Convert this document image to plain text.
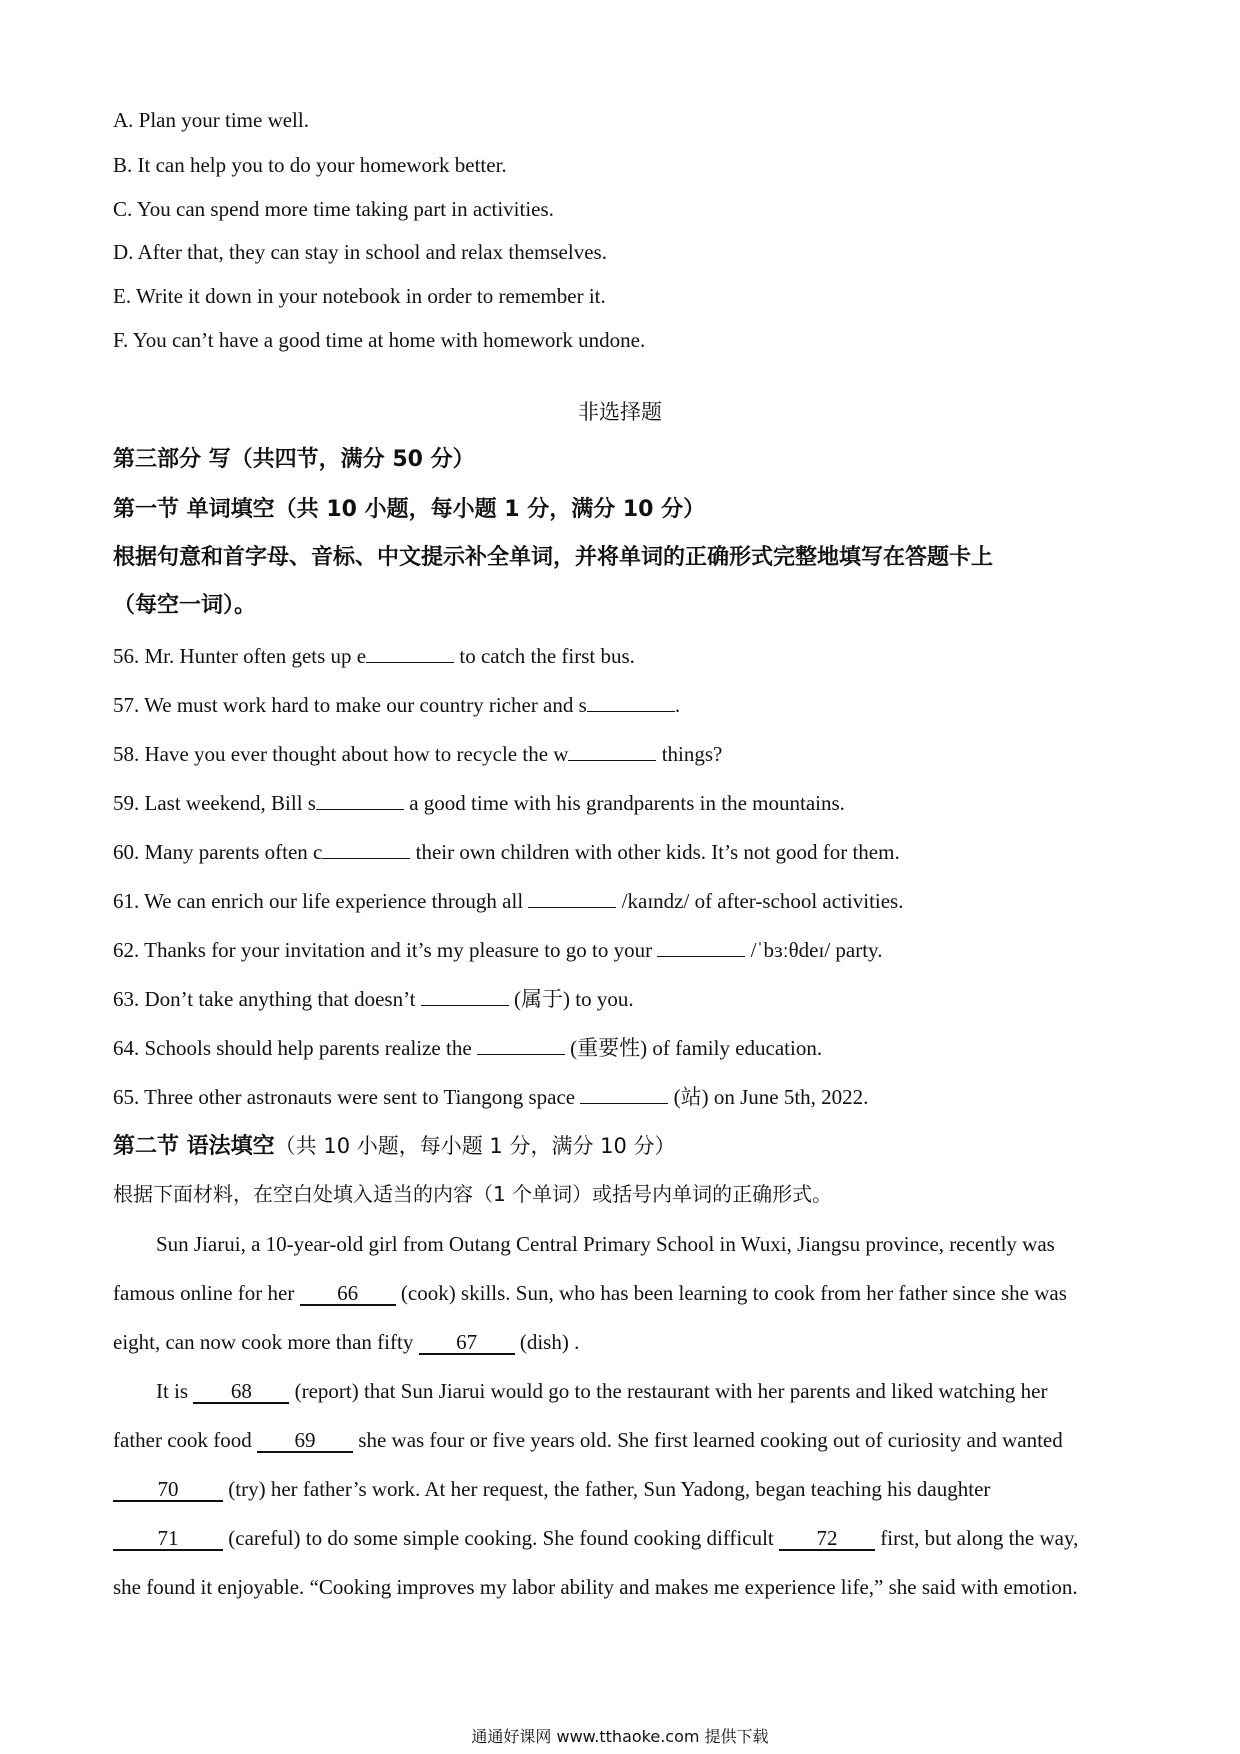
A. Plan your time well.
B. It can help you to do your homework better.
C. You can spend more time taking part in activities.
D. After that, they can stay in school and relax themselves.
E. Write it down in your notebook in order to remember it.
F. You can’t have a good time at home with homework undone.
非选择题
第三部分 写（共四节，满分 50 分）
第一节 单词填空（共 10 小题，每小题 1 分，满分 10 分）
根据句意和首字母、音标、中文提示补全单词，并将单词的正确形式完整地填写在答题卡上
（每空一词）。
56. Mr. Hunter often gets up e	to catch the first bus.
57. We must work hard to make our country richer and s	.
58. Have you ever thought about how to recycle the w	things?
59. Last weekend, Bill s	a good time with his grandparents in the mountains.
60. Many parents often c	their own children with other kids. It’s not good for them.
61. We can enrich our life experience through all	/kaɪndz/ of after-school activities.
62. Thanks for your invitation and it’s my pleasure to go to your	/ˈbɜːθdeɪ/ party.
63. Don’t take anything that doesn’t	(属于) to you.
64. Schools should help parents realize the	(重要性) of family education.
65. Three other astronauts were sent to Tiangong space	(站) on June 5th, 2022.
第二节 语法填空（共 10 小题，每小题 1 分，满分 10 分）
根据下面材料，在空白处填入适当的内容（1 个单词）或括号内单词的正确形式。
Sun Jiarui, a 10-year-old girl from Outang Central Primary School in Wuxi, Jiangsu province, recently was
famous online for her 66 (cook) skills. Sun, who has been learning to cook from her father since she was
eight, can now cook more than fifty 67 (dish) .
It is 68 (report) that Sun Jiarui would go to the restaurant with her parents and liked watching her
father cook food 69 she was four or five years old. She first learned cooking out of curiosity and wanted
70 (try) her father’s work. At her request, the father, Sun Yadong, began teaching his daughter
71 (careful) to do some simple cooking. She found cooking difficult 72 first, but along the way,
she found it enjoyable. “Cooking improves my labor ability and makes me experience life,” she said with emotion.
通通好课网 www.tthaoke.com 提供下载
